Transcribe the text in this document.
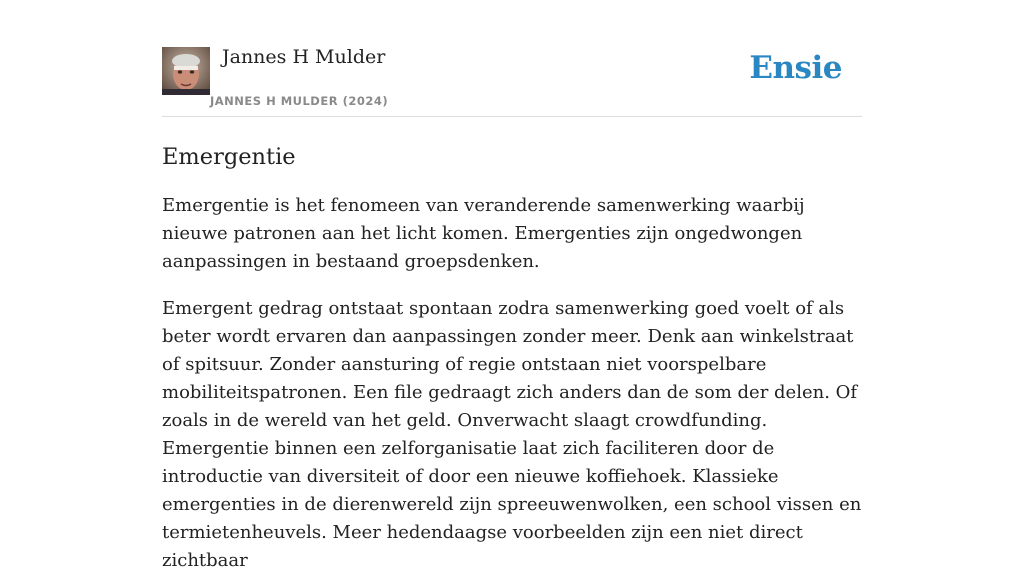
Jannes H Mulder
JANNES H MULDER (2024)
Ensie
Emergentie

Emergentie is het fenomeen van veranderende samenwerking waarbij nieuwe patronen aan het licht komen. Emergenties zijn ongedwongen aanpassingen in bestaand groepsdenken.

Emergent gedrag ontstaat spontaan zodra samenwerking goed voelt of als beter wordt ervaren dan aanpassingen zonder meer. Denk aan winkelstraat of spitsuur. Zonder aansturing of regie ontstaan niet voorspelbare mobiliteitspatronen. Een file gedraagt zich anders dan de som der delen. Of zoals in de wereld van het geld. Onverwacht slaagt crowdfunding. Emergentie binnen een zelforganisatie laat zich faciliteren door de introductie van diversiteit of door een nieuwe koffiehoek. Klassieke emergenties in de dierenwereld zijn spreeuwenwolken, een school vissen en termietenheuvels. Meer hedendaagse voorbeelden zijn een niet direct zichtbaar
